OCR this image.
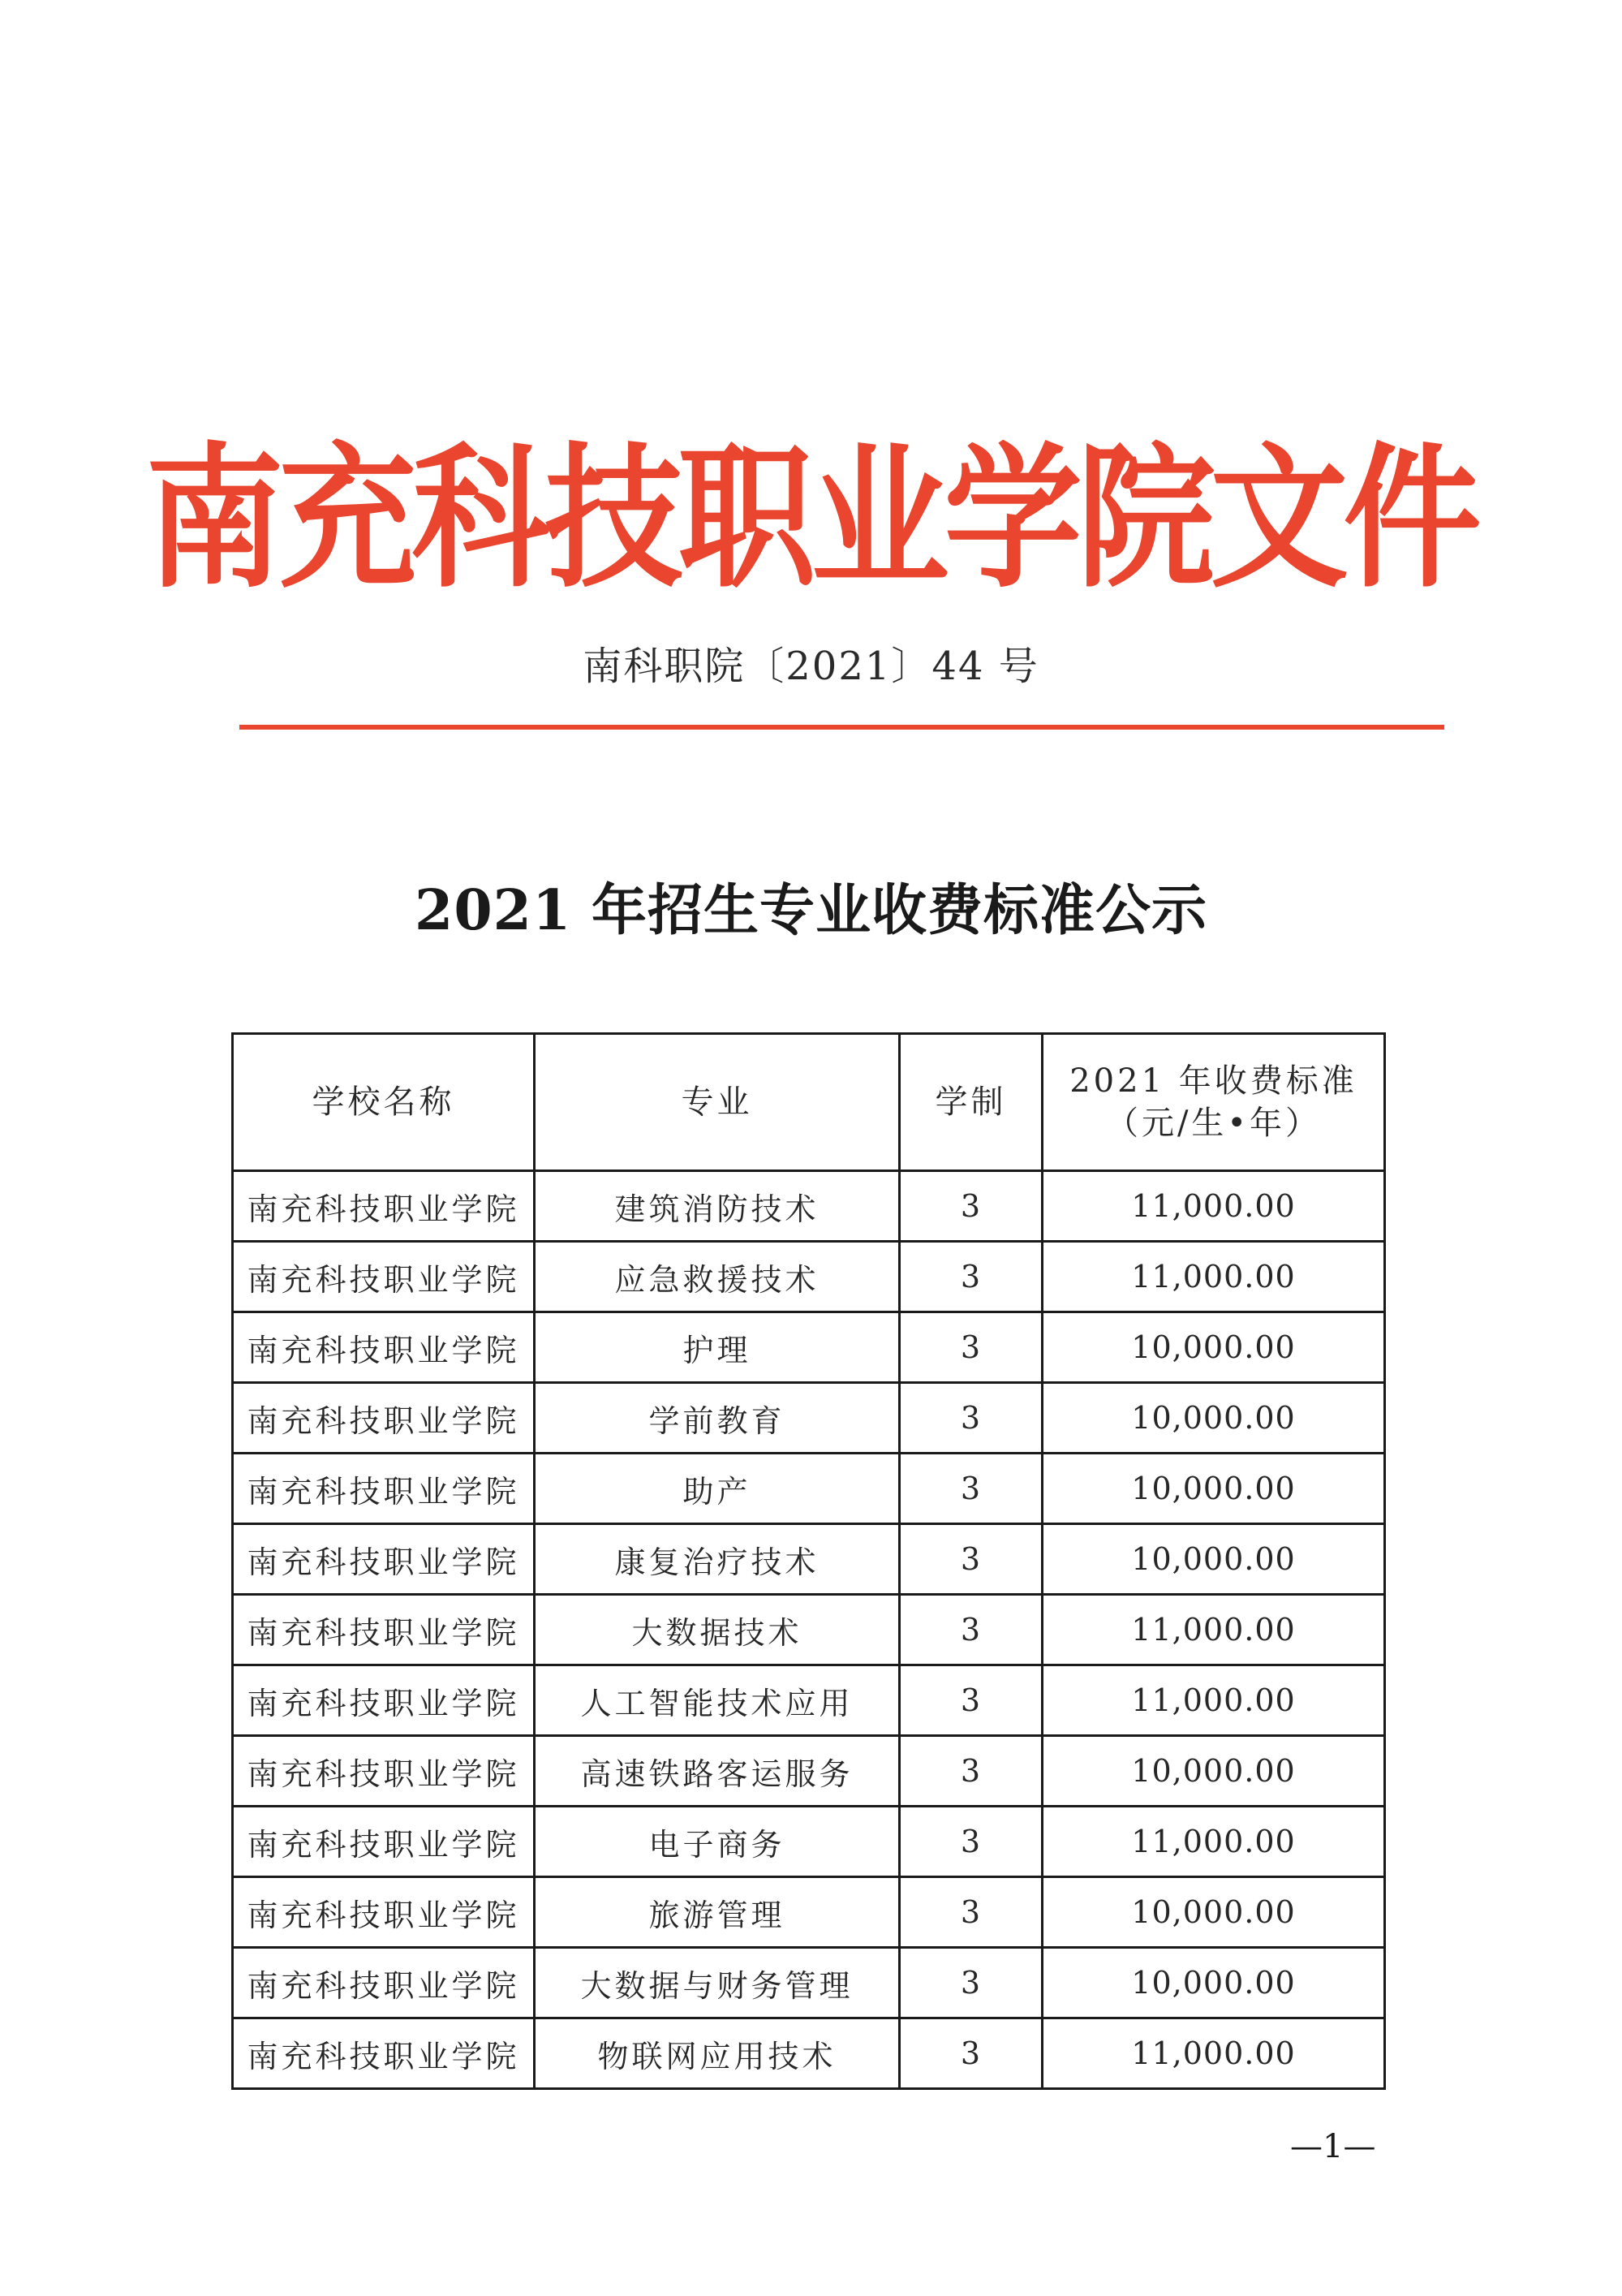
南充科技职业学院文件
南科职院〔2021〕44 号
2021 年招生专业收费标准公示
学校名称	专业	学制	2021 年收费标准
（元/生•年）

南充科技职业学院	建筑消防技术	3	11,000.00
南充科技职业学院	应急救援技术	3	11,000.00
南充科技职业学院	护理	3	10,000.00
南充科技职业学院	学前教育	3	10,000.00
南充科技职业学院	助产	3	10,000.00
南充科技职业学院	康复治疗技术	3	10,000.00
南充科技职业学院	大数据技术	3	11,000.00
南充科技职业学院	人工智能技术应用	3	11,000.00
南充科技职业学院	高速铁路客运服务	3	10,000.00
南充科技职业学院	电子商务	3	11,000.00
南充科技职业学院	旅游管理	3	10,000.00
南充科技职业学院	大数据与财务管理	3	10,000.00
南充科技职业学院	物联网应用技术	3	11,000.00
—1—
